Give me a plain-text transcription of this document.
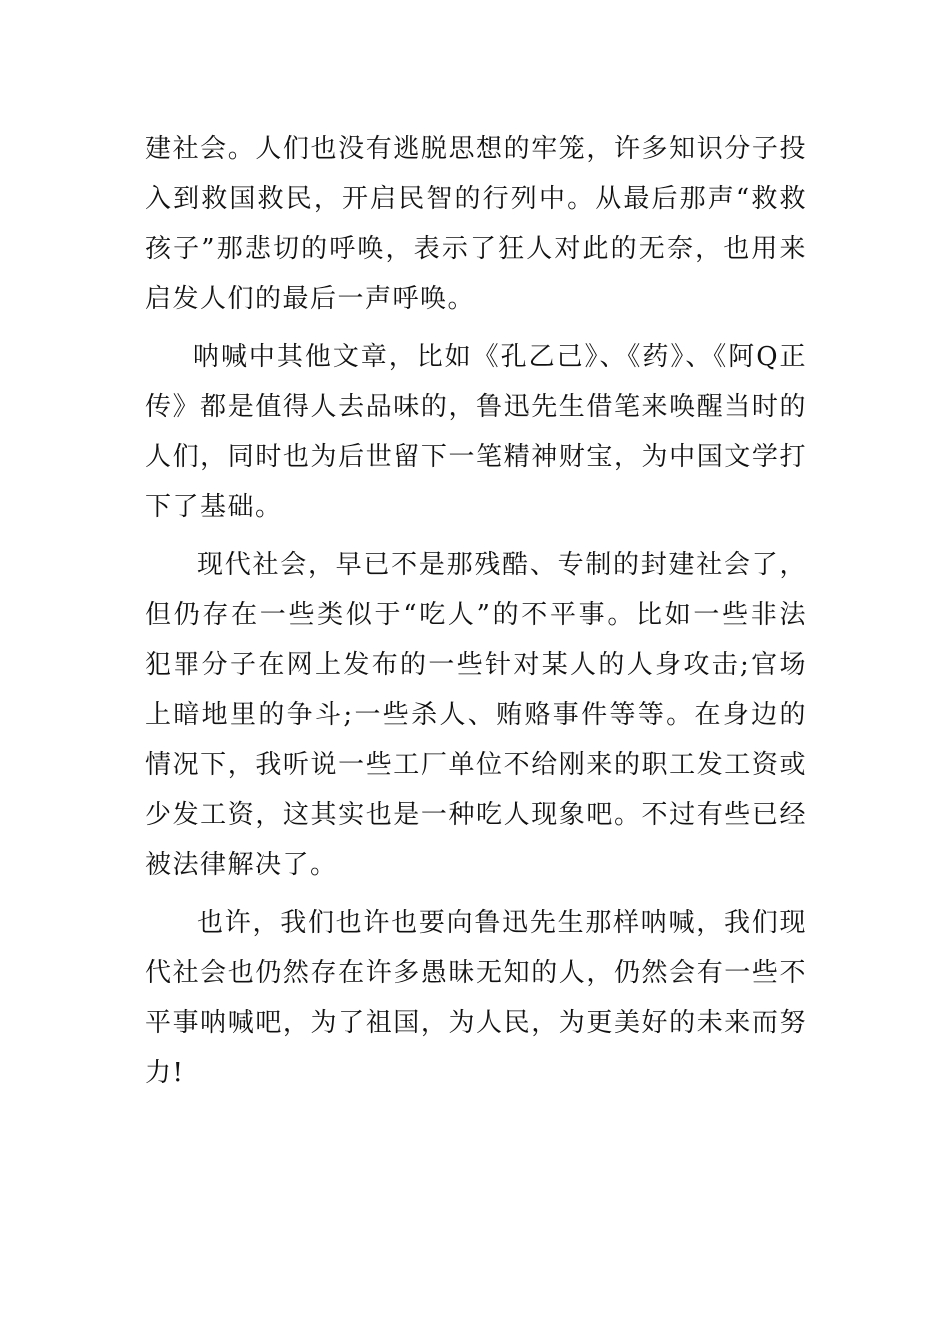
建社会。人们也没有逃脱思想的牢笼，许多知识分子投入到救国救民，开启民智的行列中。从最后那声“救救孩子”那悲切的呼唤，表示了狂人对此的无奈，也用来启发人们的最后一声呼唤。

呐喊中其他文章，比如《孔乙己》、《药》、《阿Q正传》都是值得人去品味的，鲁迅先生借笔来唤醒当时的人们，同时也为后世留下一笔精神财宝，为中国文学打下了基础。

现代社会，早已不是那残酷、专制的封建社会了，但仍存在一些类似于“吃人”的不平事。比如一些非法犯罪分子在网上发布的一些针对某人的人身攻击;官场上暗地里的争斗;一些杀人、贿赂事件等等。在身边的情况下，我听说一些工厂单位不给刚来的职工发工资或少发工资，这其实也是一种吃人现象吧。不过有些已经被法律解决了。

也许，我们也许也要向鲁迅先生那样呐喊，我们现代社会也仍然存在许多愚昧无知的人，仍然会有一些不平事呐喊吧，为了祖国，为人民，为更美好的未来而努力!
